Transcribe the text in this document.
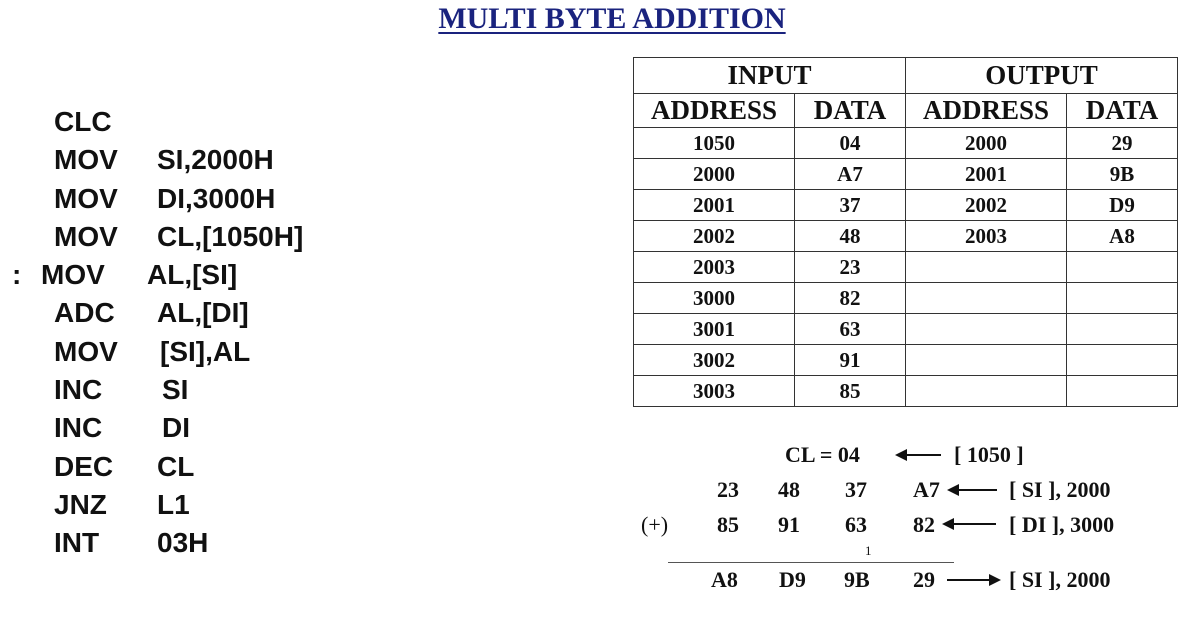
MULTI BYTE ADDITION
CLC
MOV SI,2000H
MOV DI,3000H
MOV CL,[1050H]
: MOV AL,[SI]
ADC AL,[DI]
MOV [SI],AL
INC SI
INC DI
DEC CL
JNZ L1
INT 03H
INPUT		OUTPUT	
ADDRESS	DATA	ADDRESS	DATA
1050	04	2000	29
2000	A7	2001	9B
2001	37	2002	D9
2002	48	2003	A8
2003	23		
3000	82		
3001	63		
3002	91		
3003	85		
CL = 04	[ 1050 ]
23 48 37 A7	[ SI ], 2000
(+) 85 91 63 82	[ DI ], 3000
1
A8 D9 9B 29	[ SI ], 2000
